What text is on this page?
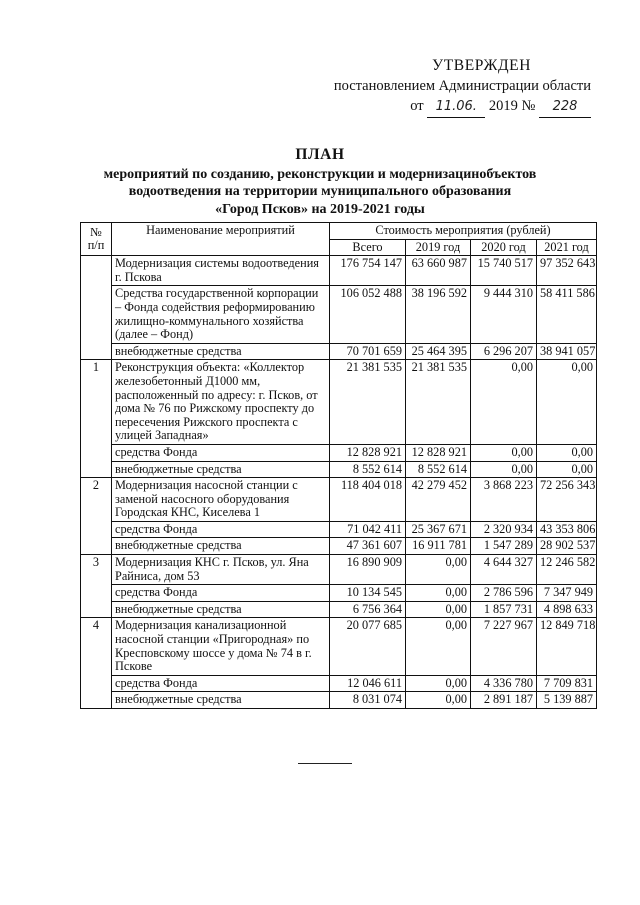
УТВЕРЖДЕН
постановлением Администрации области
от 11.06. 2019 № 228
ПЛАН
мероприятий по созданию, реконструкции и модернизацинобъектов
водоотведения на территории муниципального образования
«Город Псков» на 2019-2021 годы
№ п/п	Наименование мероприятий	Стоимость мероприятия (рублей)			
		Всего	2019 год	2020 год	2021 год
	Модернизация системы водоотведения г. Пскова	176 754 147	63 660 987	15 740 517	97 352 643
	Средства государственной корпорации – Фонда содействия реформированию жилищно-коммунального хозяйства (далее – Фонд)	106 052 488	38 196 592	9 444 310	58 411 586
	внебюджетные средства	70 701 659	25 464 395	6 296 207	38 941 057
1	Реконструкция объекта: «Коллектор железобетонный Д1000 мм, расположенный по адресу: г. Псков, от дома № 76 по Рижскому проспекту до пересечения Рижского проспекта с улицей Западная»	21 381 535	21 381 535	0,00	0,00
	средства Фонда	12 828 921	12 828 921	0,00	0,00
	внебюджетные средства	8 552 614	8 552 614	0,00	0,00
2	Модернизация насосной станции с заменой насосного оборудования Городская КНС, Киселева 1	118 404 018	42 279 452	3 868 223	72 256 343
	средства Фонда	71 042 411	25 367 671	2 320 934	43 353 806
	внебюджетные средства	47 361 607	16 911 781	1 547 289	28 902 537
3	Модернизация КНС г. Псков, ул. Яна Райниса, дом 53	16 890 909	0,00	4 644 327	12 246 582
	средства Фонда	10 134 545	0,00	2 786 596	7 347 949
	внебюджетные средства	6 756 364	0,00	1 857 731	4 898 633
4	Модернизация канализационной насосной станции «Пригородная» по Кресповскому шоссе у дома № 74 в г. Пскове	20 077 685	0,00	7 227 967	12 849 718
	средства Фонда	12 046 611	0,00	4 336 780	7 709 831
	внебюджетные средства	8 031 074	0,00	2 891 187	5 139 887
